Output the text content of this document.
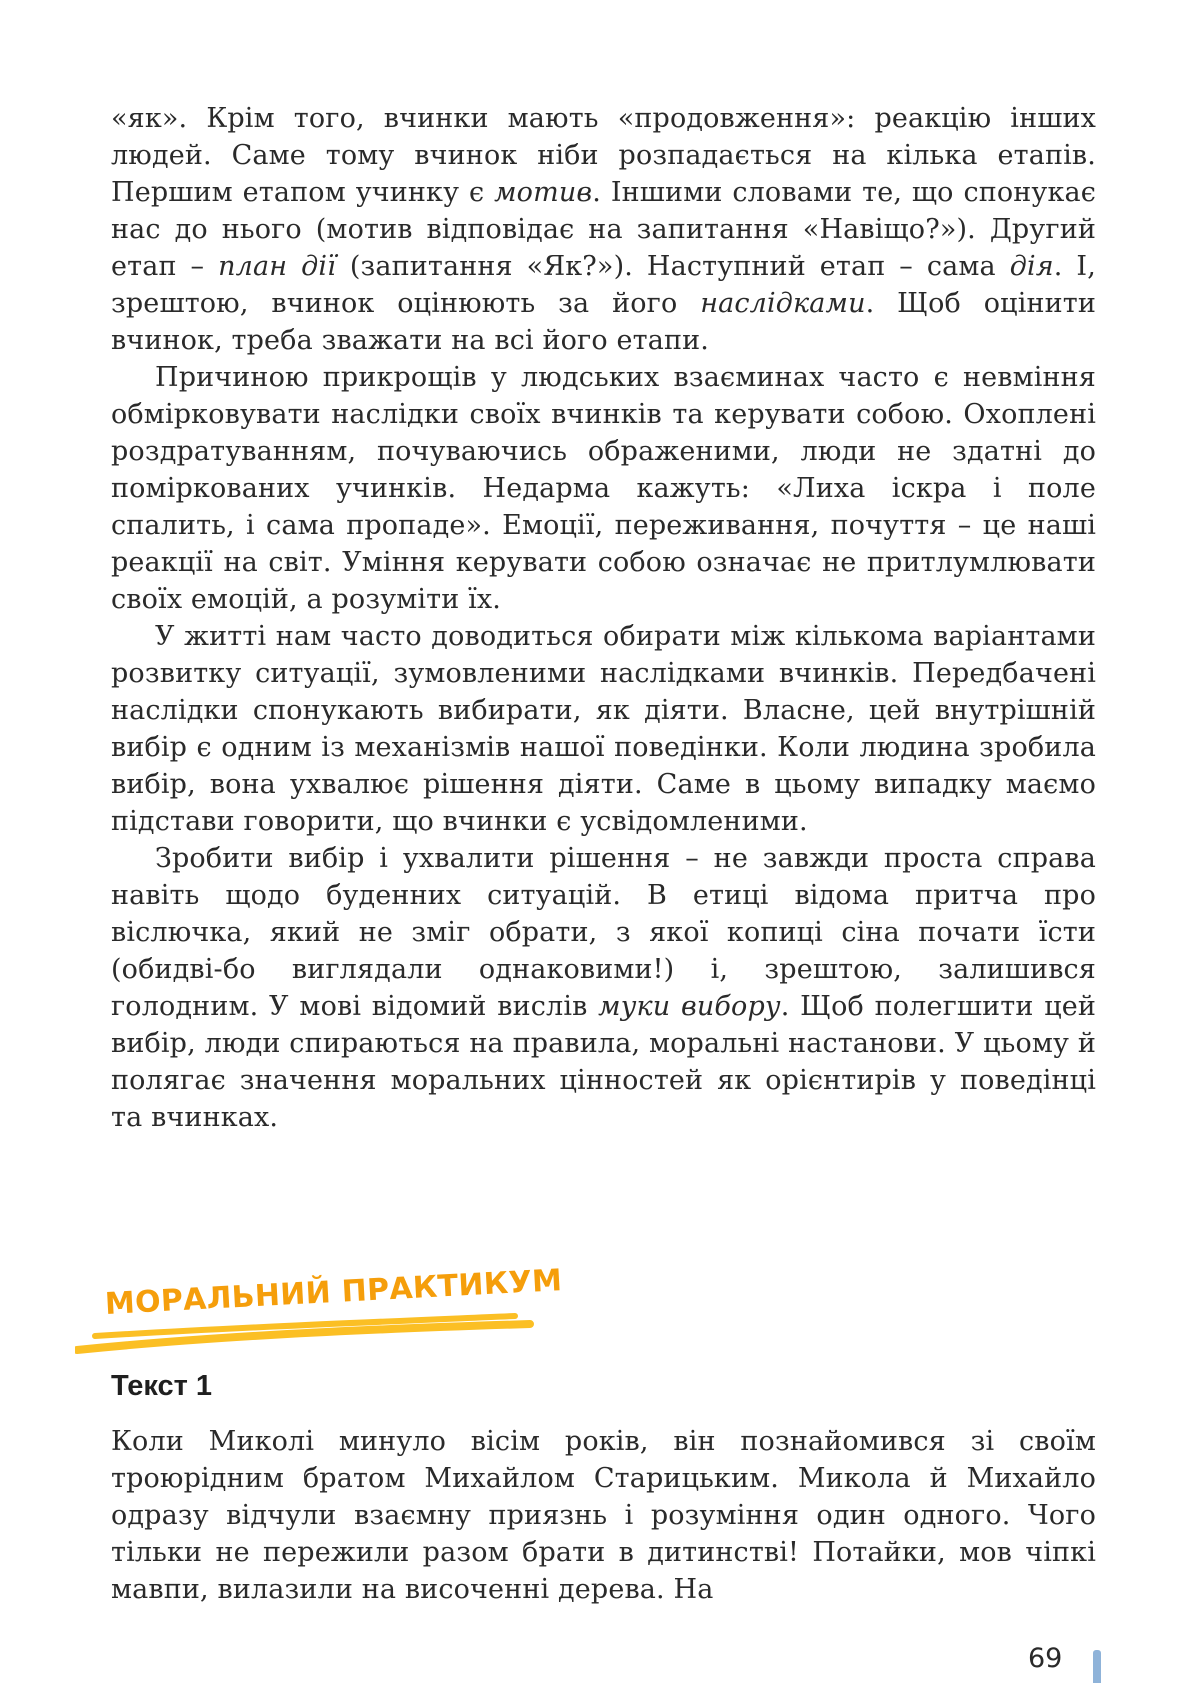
«як». Крім того, вчинки мають «продовження»: реакцію інших людей. Саме тому вчинок ніби розпадається на кілька етапів. Першим етапом учинку є мотив. Іншими словами те, що спонукає нас до нього (мотив відповідає на запитання «Навіщо?»). Другий етап – план дії (запитання «Як?»). Наступний етап – сама дія. І, зрештою, вчинок оцінюють за його наслідками. Щоб оцінити вчинок, треба зважати на всі його етапи.

Причиною прикрощів у людських взаєминах часто є невміння обмірковувати наслідки своїх вчинків та керувати собою. Охоплені роздратуванням, почуваючись ображеними, люди не здатні до поміркованих учинків. Недарма кажуть: «Лиха іскра і поле спалить, і сама пропаде». Емоції, переживання, почуття – це наші реакції на світ. Уміння керувати собою означає не притлумлювати своїх емоцій, а розуміти їх.

У житті нам часто доводиться обирати між кількома варіантами розвитку ситуації, зумовленими наслідками вчинків. Передбачені наслідки спонукають вибирати, як діяти. Власне, цей внутрішній вибір є одним із механізмів нашої поведінки. Коли людина зробила вибір, вона ухвалює рішення діяти. Саме в цьому випадку маємо підстави говорити, що вчинки є усвідомленими.

Зробити вибір і ухвалити рішення – не завжди проста справа навіть щодо буденних ситуацій. В етиці відома притча про віслючка, який не зміг обрати, з якої копиці сіна почати їсти (обидві-бо виглядали однаковими!) і, зрештою, залишився голодним. У мові відомий вислів муки вибору. Щоб полегшити цей вибір, люди спираються на правила, моральні настанови. У цьому й полягає значення моральних цінностей як орієнтирів у поведінці та вчинках.

МОРАЛЬНИЙ ПРАКТИКУМ
Текст 1

Коли Миколі минуло вісім років, він познайомився зі своїм троюрідним братом Михайлом Старицьким. Микола й Михайло одразу відчули взаємну приязнь і розуміння один одного. Чого тільки не пережили разом брати в дитинстві! Потайки, мов чіпкі мавпи, вилазили на височенні дерева. На

69
